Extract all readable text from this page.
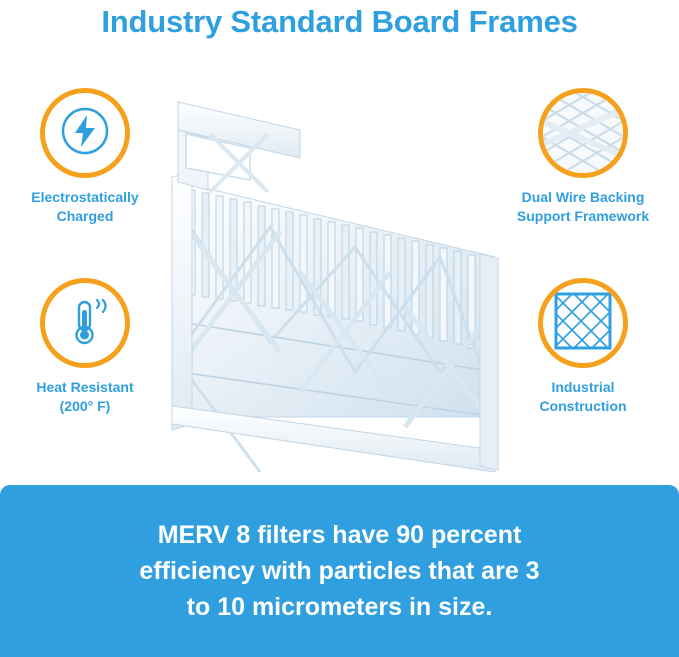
Industry Standard Board Frames
Electrostatically
Charged
Heat Resistant
(200° F)
Dual Wire Backing
Support Framework
Industrial
Construction
MERV 8 filters have 90 percent
efficiency with particles that are 3
to 10 micrometers in size.
